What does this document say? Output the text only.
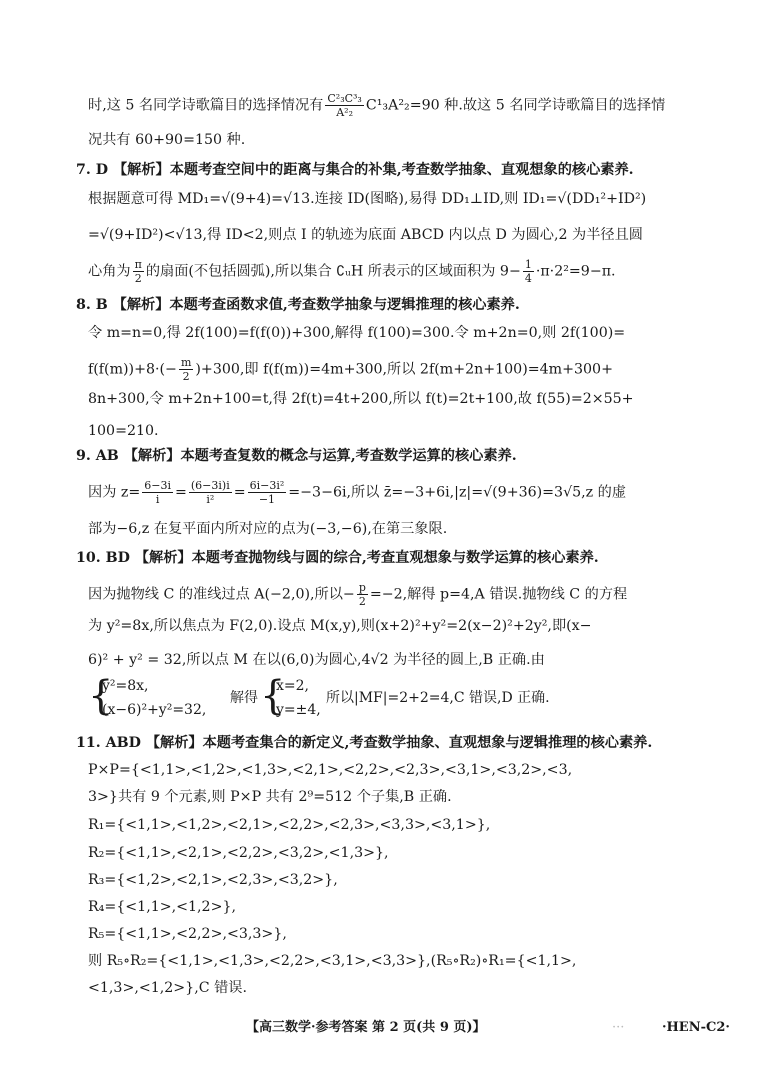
时,这 5 名同学诗歌篇目的选择情况有 $\frac{\text{C²₃C³₃}}{\text{A²₂}} C^1_3A^2_2=90$ 种.故这 5 名同学诗歌篇目的选择情
况共有 60+90=150 种.
7. D 【解析】本题考查空间中的距离与集合的补集,考查数学抽象、直观想象的核心素养.
根据题意可得 MD₁=√(9+4)=√13.连接 ID(图略),易得 DD₁⊥ID,则 ID₁=√(DD₁²+ID²)
=√(9+ID²)<√13,得 ID<2,则点 I 的轨迹为底面 ABCD 内以点 D 为圆心,2 为半径且圆
心角为 $\frac{\pi}{2}$ 的扇面(不包括圆弧),所以集合 ∁ᵤH 所表示的区域面积为 $9- \frac{1}{4} \cdot\pi\cdot 2^2=9-\pi$.
8. B 【解析】本题考查函数求值,考查数学抽象与逻辑推理的核心素养.
令 m=n=0,得 2f(100)=f(f(0))+300,解得 f(100)=300.令 m+2n=0,则 2f(100)=
$f(f(m))+8\cdot(- \frac{m}{2} )+300$,即 f(f(m))=4m+300,所以 2f(m+2n+100)=4m+300+
8n+300,令 m+2n+100=t,得 2f(t)=4t+200,所以 f(t)=2t+100,故 f(55)=2×55+
100=210.
9. AB 【解析】本题考查复数的概念与运算,考查数学运算的核心素养.
因为 $z= \frac{6-3i}{i} = \frac{(6-3i)i}{\text{i²}} = \frac{\text{6i−3i²}}{-1} =-3-6i$,所以 z̄=−3+6i,|z|=√(9+36)=3√5,z 的虚
部为−6,z 在复平面内所对应的点为(−3,−6),在第三象限.
10. BD 【解析】本题考查抛物线与圆的综合,考查直观想象与数学运算的核心素养.
因为抛物线 C 的准线过点 A(−2,0),所以− $\frac{p}{2} =-2$,解得 p=4,A 错误.抛物线 C 的方程
为 y²=8x,所以焦点为 F(2,0).设点 M(x,y),则(x+2)²+y²=2(x−2)²+2y²,即(x−
6)² + y² = 32,所以点 M 在以(6,0)为圆心,4√2 为半径的圆上,B 正确.由
{
y²=8x,
(x−6)²+y²=32,
解得 {
x=2,
y=±4,
所以|MF|=2+2=4,C 错误,D 正确.
11. ABD 【解析】本题考查集合的新定义,考查数学抽象、直观想象与逻辑推理的核心素养.
P×P={<1,1>,<1,2>,<1,3>,<2,1>,<2,2>,<2,3>,<3,1>,<3,2>,<3,
3>}共有 9 个元素,则 P×P 共有 2⁹=512 个子集,B 正确.
R₁={<1,1>,<1,2>,<2,1>,<2,2>,<2,3>,<3,3>,<3,1>},
R₂={<1,1>,<2,1>,<2,2>,<3,2>,<1,3>},
R₃={<1,2>,<2,1>,<2,3>,<3,2>},
R₄={<1,1>,<1,2>},
R₅={<1,1>,<2,2>,<3,3>},
则 R₅∘R₂={<1,1>,<1,3>,<2,2>,<3,1>,<3,3>},(R₅∘R₂)∘R₁={<1,1>,
<1,3>,<1,2>},C 错误.
【高三数学·参考答案 第 2 页(共 9 页)】	···	·HEN-C2·
